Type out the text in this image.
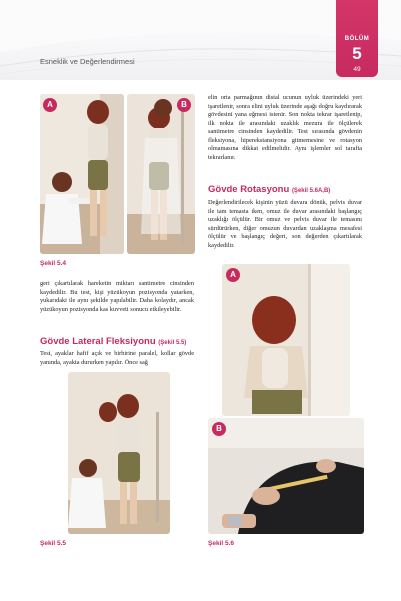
Esneklik ve Değerlendirmesi
BÖLÜM
5
49
A	B
Şekil 5.4

geri çıkartılarak hareketin miktarı santimetre cinsinden kaydedilir. Bu test, kişi yüzükoyun pozisyonda yatarken, yukarıdaki ile aynı şekilde yapılabilir. Daha kolaydır, ancak yüzükoyun pozisyonda kas kuvveti sonucu etkileyebilir.

Gövde Lateral Fleksiyonu (Şekil 5.5)

Test, ayaklar hafif açık ve birbirine paralel, kollar gövde yanında, ayakta dururken yapılır. Önce sağ

Şekil 5.5

elin orta parmağının distal ucunun uyluk üzerindeki yeri işaretlenir, sonra elini uyluk üzerinde aşağı doğru kaydırarak gövdesini yana eğmesi istenir. Son nokta tekrar işaretlenip, ilk nokta ile arasındaki uzaklık mezura ile ölçülerek santimetre cinsinden kaydedilir. Test sırasında gövdenin fleksiyona, hiperekstansiyona gitmemesine ve rotasyon olmamasına dikkat edilmelidir. Aynı işlemler sol tarafta tekrarlanır.

Gövde Rotasyonu (Şekil 5.6A,B)

Değerlendirilecek kişinin yüzü duvara dönük, pelvis duvar ile tam temasta iken, omuz ile duvar arasındaki başlangıç uzaklığı ölçülür. Bir omuz ve pelvis duvar ile temasını sürdürürken, diğer omuzun duvardan uzaklaşma mesafesi ölçülür ve başlangıç değeri, son değerden çıkartılarak kaydedilir.

A
B
Şekil 5.6
